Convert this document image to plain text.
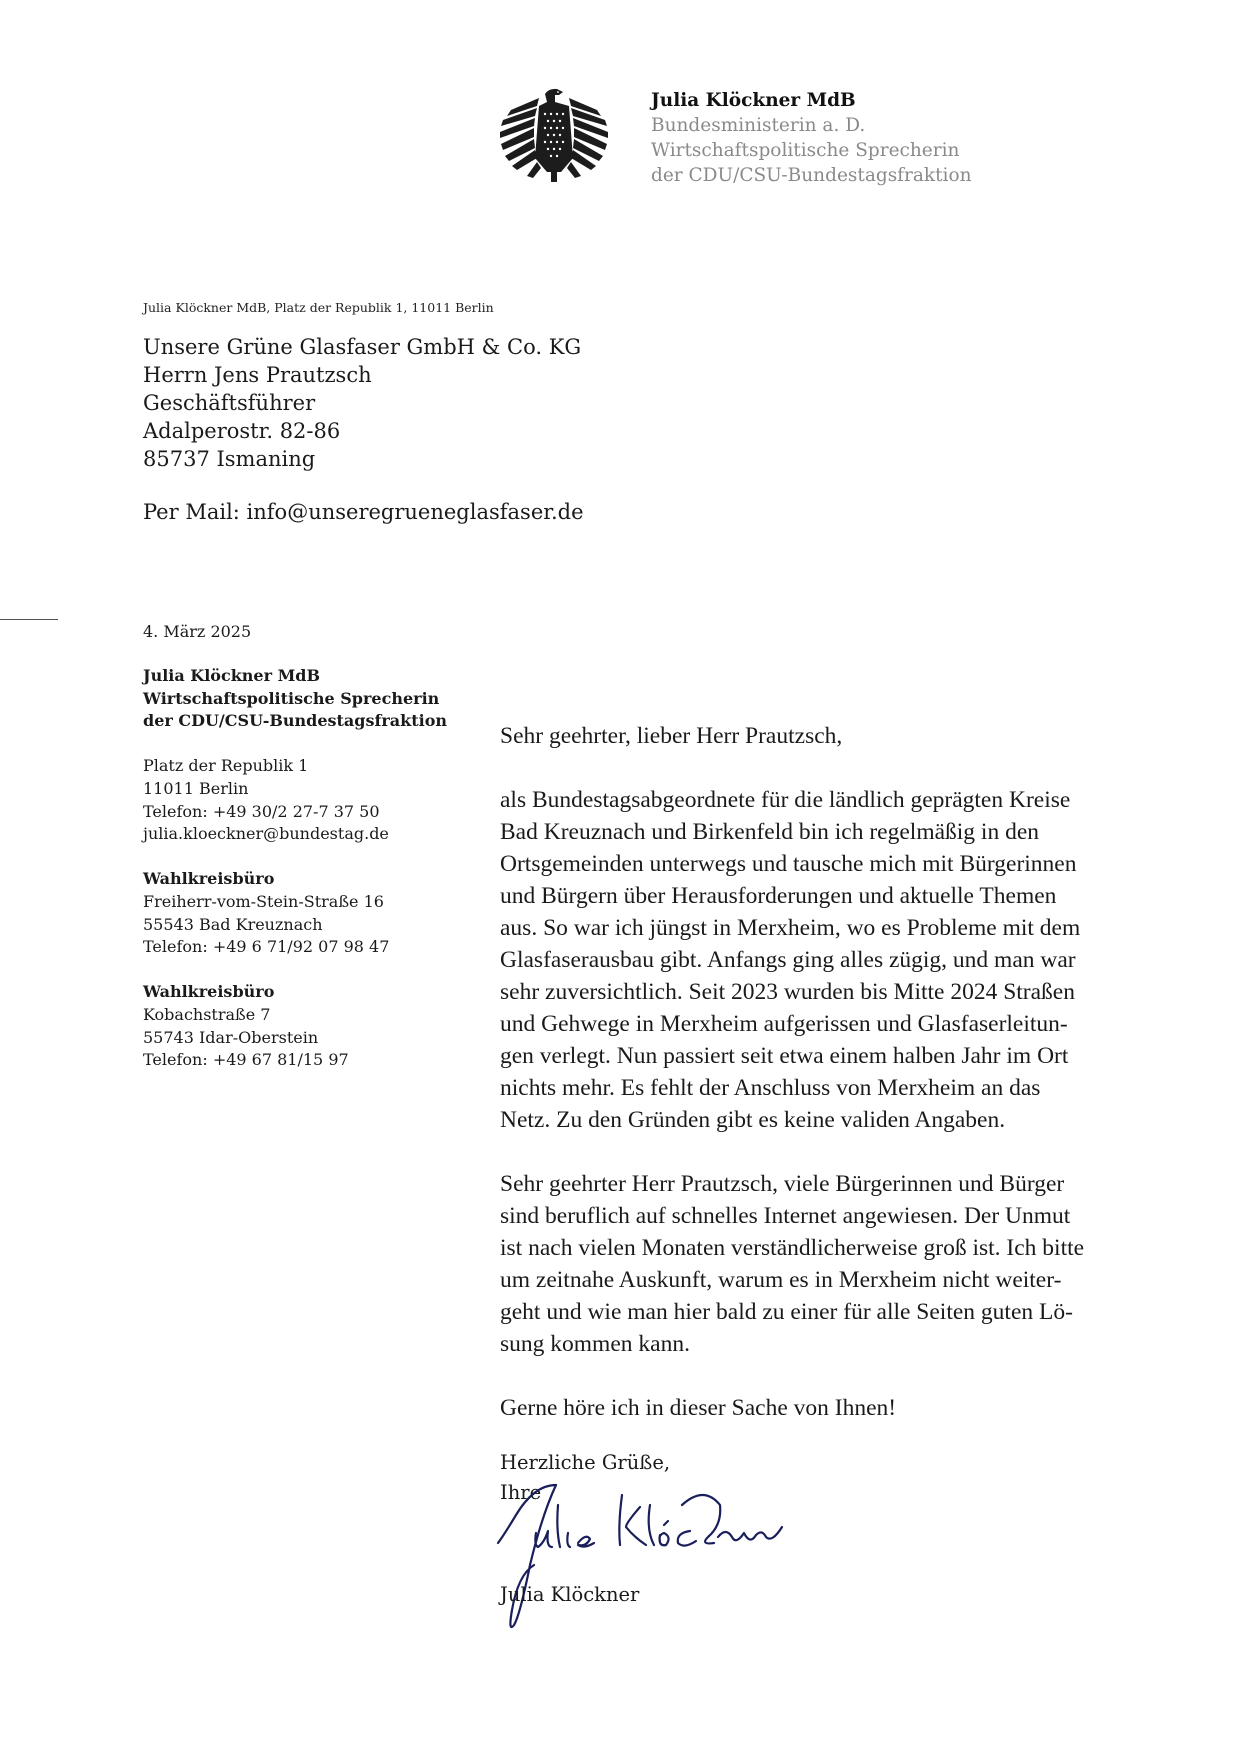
Julia Klöckner MdB
Bundesministerin a. D.
Wirtschaftspolitische Sprecherin
der CDU/CSU-Bundestagsfraktion
Julia Klöckner MdB, Platz der Republik 1, 11011 Berlin
Unsere Grüne Glasfaser GmbH & Co. KG
Herrn Jens Prautzsch
Geschäftsführer
Adalperostr. 82-86
85737 Ismaning
Per Mail: info@unseregrueneglasfaser.de
4. März 2025
Julia Klöckner MdB
Wirtschaftspolitische Sprecherin
der CDU/CSU-Bundestagsfraktion
Platz der Republik 1
11011 Berlin
Telefon: +49 30/2 27-7 37 50
julia.kloeckner@bundestag.de
Wahlkreisbüro
Freiherr-vom-Stein-Straße 16
55543 Bad Kreuznach
Telefon: +49 6 71/92 07 98 47
Wahlkreisbüro
Kobachstraße 7
55743 Idar-Oberstein
Telefon: +49 67 81/15 97

Sehr geehrter, lieber Herr Prautzsch,

als Bundestagsabgeordnete für die ländlich geprägten Kreise
Bad Kreuznach und Birkenfeld bin ich regelmäßig in den
Ortsgemeinden unterwegs und tausche mich mit Bürgerinnen
und Bürgern über Herausforderungen und aktuelle Themen
aus. So war ich jüngst in Merxheim, wo es Probleme mit dem
Glasfaserausbau gibt. Anfangs ging alles zügig, und man war
sehr zuversichtlich. Seit 2023 wurden bis Mitte 2024 Straßen
und Gehwege in Merxheim aufgerissen und Glasfaserleitun-
gen verlegt. Nun passiert seit etwa einem halben Jahr im Ort
nichts mehr. Es fehlt der Anschluss von Merxheim an das
Netz. Zu den Gründen gibt es keine validen Angaben.

Sehr geehrter Herr Prautzsch, viele Bürgerinnen und Bürger
sind beruflich auf schnelles Internet angewiesen. Der Unmut
ist nach vielen Monaten verständlicherweise groß ist. Ich bitte
um zeitnahe Auskunft, warum es in Merxheim nicht weiter-
geht und wie man hier bald zu einer für alle Seiten guten Lö-
sung kommen kann.

Gerne höre ich in dieser Sache von Ihnen!

Herzliche Grüße,
Ihre
Julia Klöckner
